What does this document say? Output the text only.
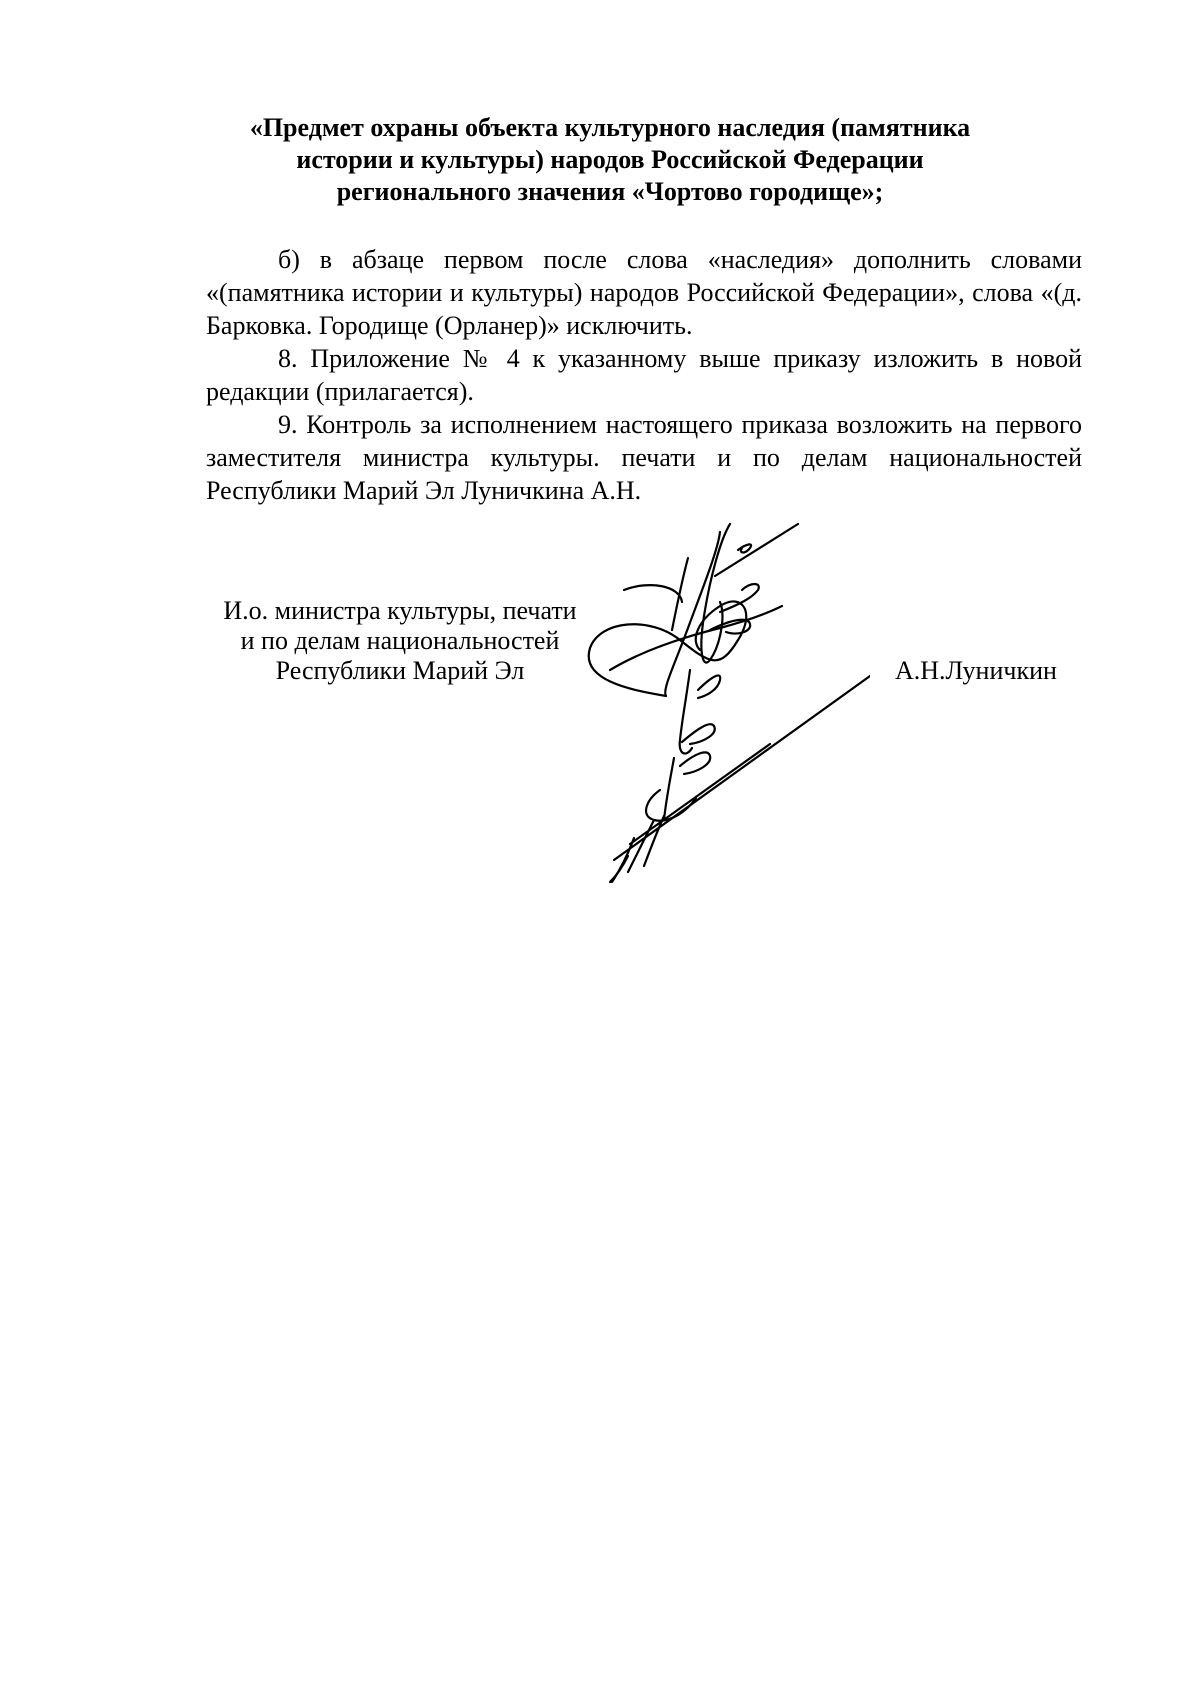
«Предмет охраны объекта культурного наследия (памятника
истории и культуры) народов Российской Федерации
регионального значения «Чортово городище»;

б) в абзаце первом после слова «наследия» дополнить словами «(памятника истории и культуры) народов Российской Федерации», слова «(д. Барковка. Городище (Орланер)» исключить.

8. Приложение № 4 к указанному выше приказу изложить в новой редакции (прилагается).

9. Контроль за исполнением настоящего приказа возложить на первого заместителя министра культуры. печати и по делам национальностей Республики Марий Эл Луничкина А.Н.

И.о. министра культуры, печати
и по делам национальностей
Республики Марий Эл	А.Н.Луничкин
